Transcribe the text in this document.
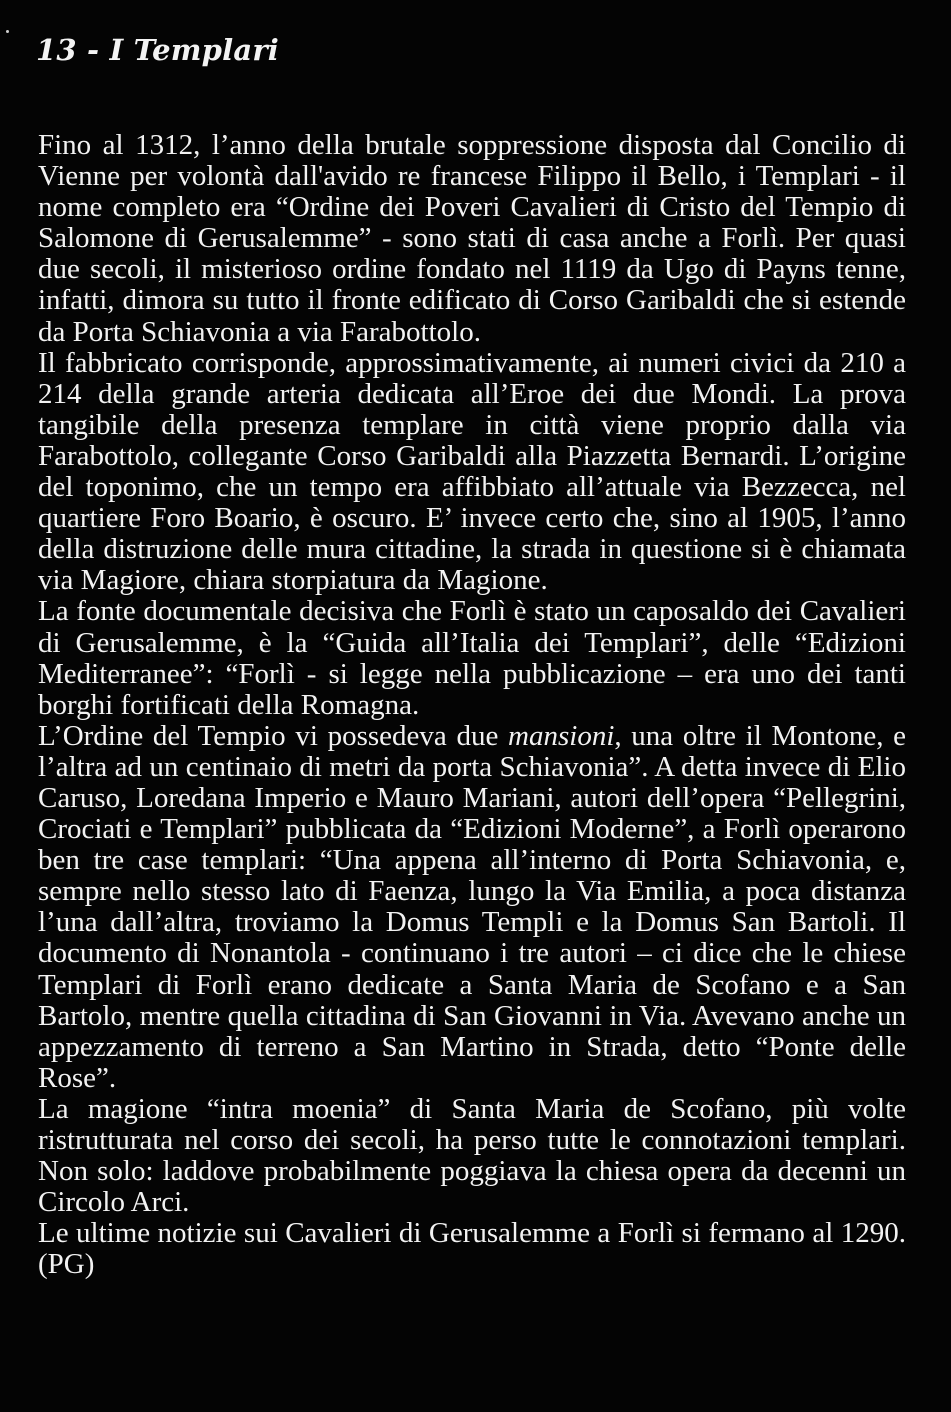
13 - I Templari

Fino al 1312, l’anno della brutale soppressione disposta dal Concilio di Vienne per volontà dall'avido re francese Filippo il Bello, i Templari - il nome completo era “Ordine dei Poveri Cavalieri di Cristo del Tempio di Salomone di Gerusalemme” - sono stati di casa anche a Forlì. Per quasi due secoli, il misterioso ordine fondato nel 1119 da Ugo di Payns tenne, infatti, dimora su tutto il fronte edificato di Corso Garibaldi che si estende da Porta Schiavonia a via Farabottolo.

Il fabbricato corrisponde, approssimativamente, ai numeri civici da 210 a 214 della grande arteria dedicata all’Eroe dei due Mondi. La prova tangibile della presenza templare in città viene proprio dalla via Farabottolo, collegante Corso Garibaldi alla Piazzetta Bernardi. L’origine del toponimo, che un tempo era affibbiato all’attuale via Bezzecca, nel quartiere Foro Boario, è oscuro. E’ invece certo che, sino al 1905, l’anno della distruzione delle mura cittadine, la strada in questione si è chiamata via Magiore, chiara storpiatura da Magione.

La fonte documentale decisiva che Forlì è stato un caposaldo dei Cavalieri di Gerusalemme, è la “Guida all’Italia dei Templari”, delle “Edizioni Mediterranee”: “Forlì - si legge nella pubblicazione – era uno dei tanti borghi fortificati della Romagna.

L’Ordine del Tempio vi possedeva due mansioni, una oltre il Montone, e l’altra ad un centinaio di metri da porta Schiavonia”. A detta invece di Elio Caruso, Loredana Imperio e Mauro Mariani, autori dell’opera “Pellegrini, Crociati e Templari” pubblicata da “Edizioni Moderne”, a Forlì operarono ben tre case templari: “Una appena all’interno di Porta Schiavonia, e, sempre nello stesso lato di Faenza, lungo la Via Emilia, a poca distanza l’una dall’altra, troviamo la Domus Templi e la Domus San Bartoli. Il documento di Nonantola - continuano i tre autori – ci dice che le chiese Templari di Forlì erano dedicate a Santa Maria de Scofano e a San Bartolo, mentre quella cittadina di San Giovanni in Via. Avevano anche un appezzamento di terreno a San Martino in Strada, detto “Ponte delle Rose”.

La magione “intra moenia” di Santa Maria de Scofano, più volte ristrutturata nel corso dei secoli, ha perso tutte le connotazioni templari. Non solo: laddove probabilmente poggiava la chiesa opera da decenni un Circolo Arci.

Le ultime notizie sui Cavalieri di Gerusalemme a Forlì si fermano al 1290. (PG)
